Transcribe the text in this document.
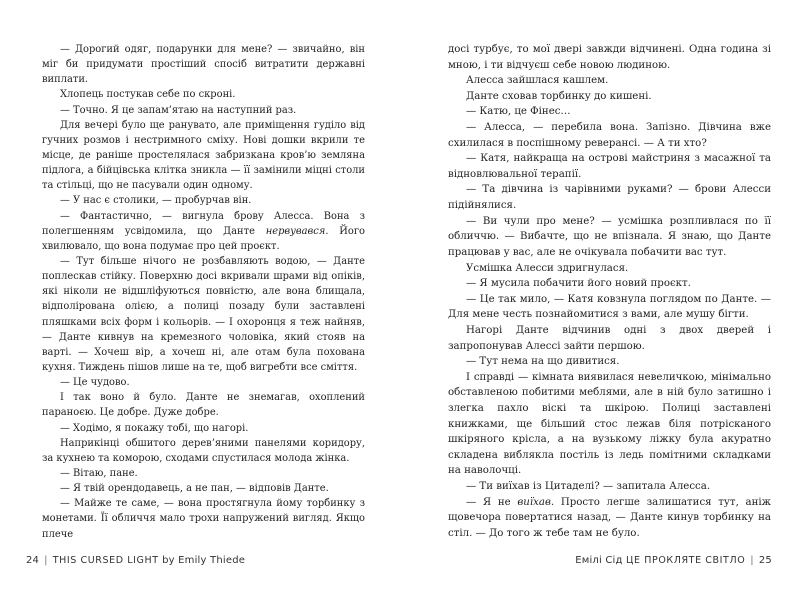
— Дорогий одяг, подарунки для мене? — звичайно, він міг би придумати простіший спосіб витратити державні виплати.

Хлопець постукав себе по скроні.

— Точно. Я це запам’ятаю на наступний раз.

Для вечері було ще ранувато, але приміщення гуділо від гучних розмов і нестримного сміху. Нові дошки вкрили те місце, де раніше простелялася забризкана кров’ю земляна підлога, а бійцівська клітка зникла — її замінили міцні столи та стільці, що не пасували один одному.

— У нас є столики, — пробурчав він.

— Фантастично, — вигнула брову Алесса. Вона з полегшенням усвідомила, що Данте нервувався. Його хвилювало, що вона подумає про цей проєкт.

— Тут більше нічого не розбавляють водою, — Данте поплескав стійку. Поверхню досі вкривали шрами від опіків, які ніколи не відшліфуються повністю, але вона блищала, відполірована олією, а полиці позаду були заставлені пляшками всіх форм і кольорів. — І охоронця я теж найняв, — Данте кивнув на кремезного чоловіка, який стояв на варті. — Хочеш вір, а хочеш ні, але отам була похована кухня. Тиждень пішов лише на те, щоб вигребти все сміття.

— Це чудово.

І так воно й було. Данте не знемагав, охоплений параноєю. Це добре. Дуже добре.

— Ходімо, я покажу тобі, що нагорі.

Наприкінці обшитого дерев’яними панелями коридору, за кухнею та коморою, сходами спустилася молода жінка.

— Вітаю, пане.

— Я твій орендодавець, а не пан, — відповів Данте.

— Майже те саме, — вона простягнула йому торбинку з монетами. Її обличчя мало трохи напружений вигляд. Якщо плече

24 | THIS CURSED LIGHT by Emily Thiede

досі турбує, то мої двері завжди відчинені. Одна година зі мною, і ти відчуєш себе новою людиною.

Алесса зайшлася кашлем.

Данте сховав торбинку до кишені.

— Катю, це Фінес…

— Алесса, — перебила вона. Запізно. Дівчина вже схилилася в поспішному реверансі. — А ти хто?

— Катя, найкраща на острові майстриня з масажної та відновлювальної терапії.

— Та дівчина із чарівними руками? — брови Алесси підійнялися.

— Ви чули про мене? — усмішка розпливлася по її обличчю. — Вибачте, що не впізнала. Я знаю, що Данте працював у вас, але не очікувала побачити вас тут.

Усмішка Алесси здригнулася.

— Я мусила побачити його новий проєкт.

— Це так мило, — Катя ковзнула поглядом по Данте. — Для мене честь познайомитися з вами, але мушу бігти.

Нагорі Данте відчинив одні з двох дверей і запропонував Алессі зайти першою.

— Тут нема на що дивитися.

І справді — кімната виявилася невеличкою, мінімально обставленою побитими меблями, але в ній було затишно і злегка пахло віскі та шкірою. Полиці заставлені книжками, ще більший стос лежав біля потрісканого шкіряного крісла, а на вузькому ліжку була акуратно складена виблякла постіль із ледь помітними складками на наволочці.

— Ти виїхав із Цитаделі? — запитала Алесса.

— Я не виїхав. Просто легше залишатися тут, аніж щовечора повертатися назад, — Данте кинув торбинку на стіл. — До того ж тебе там не було.

Емілі Сід ЦЕ ПРОКЛЯТЕ СВІТЛО | 25
